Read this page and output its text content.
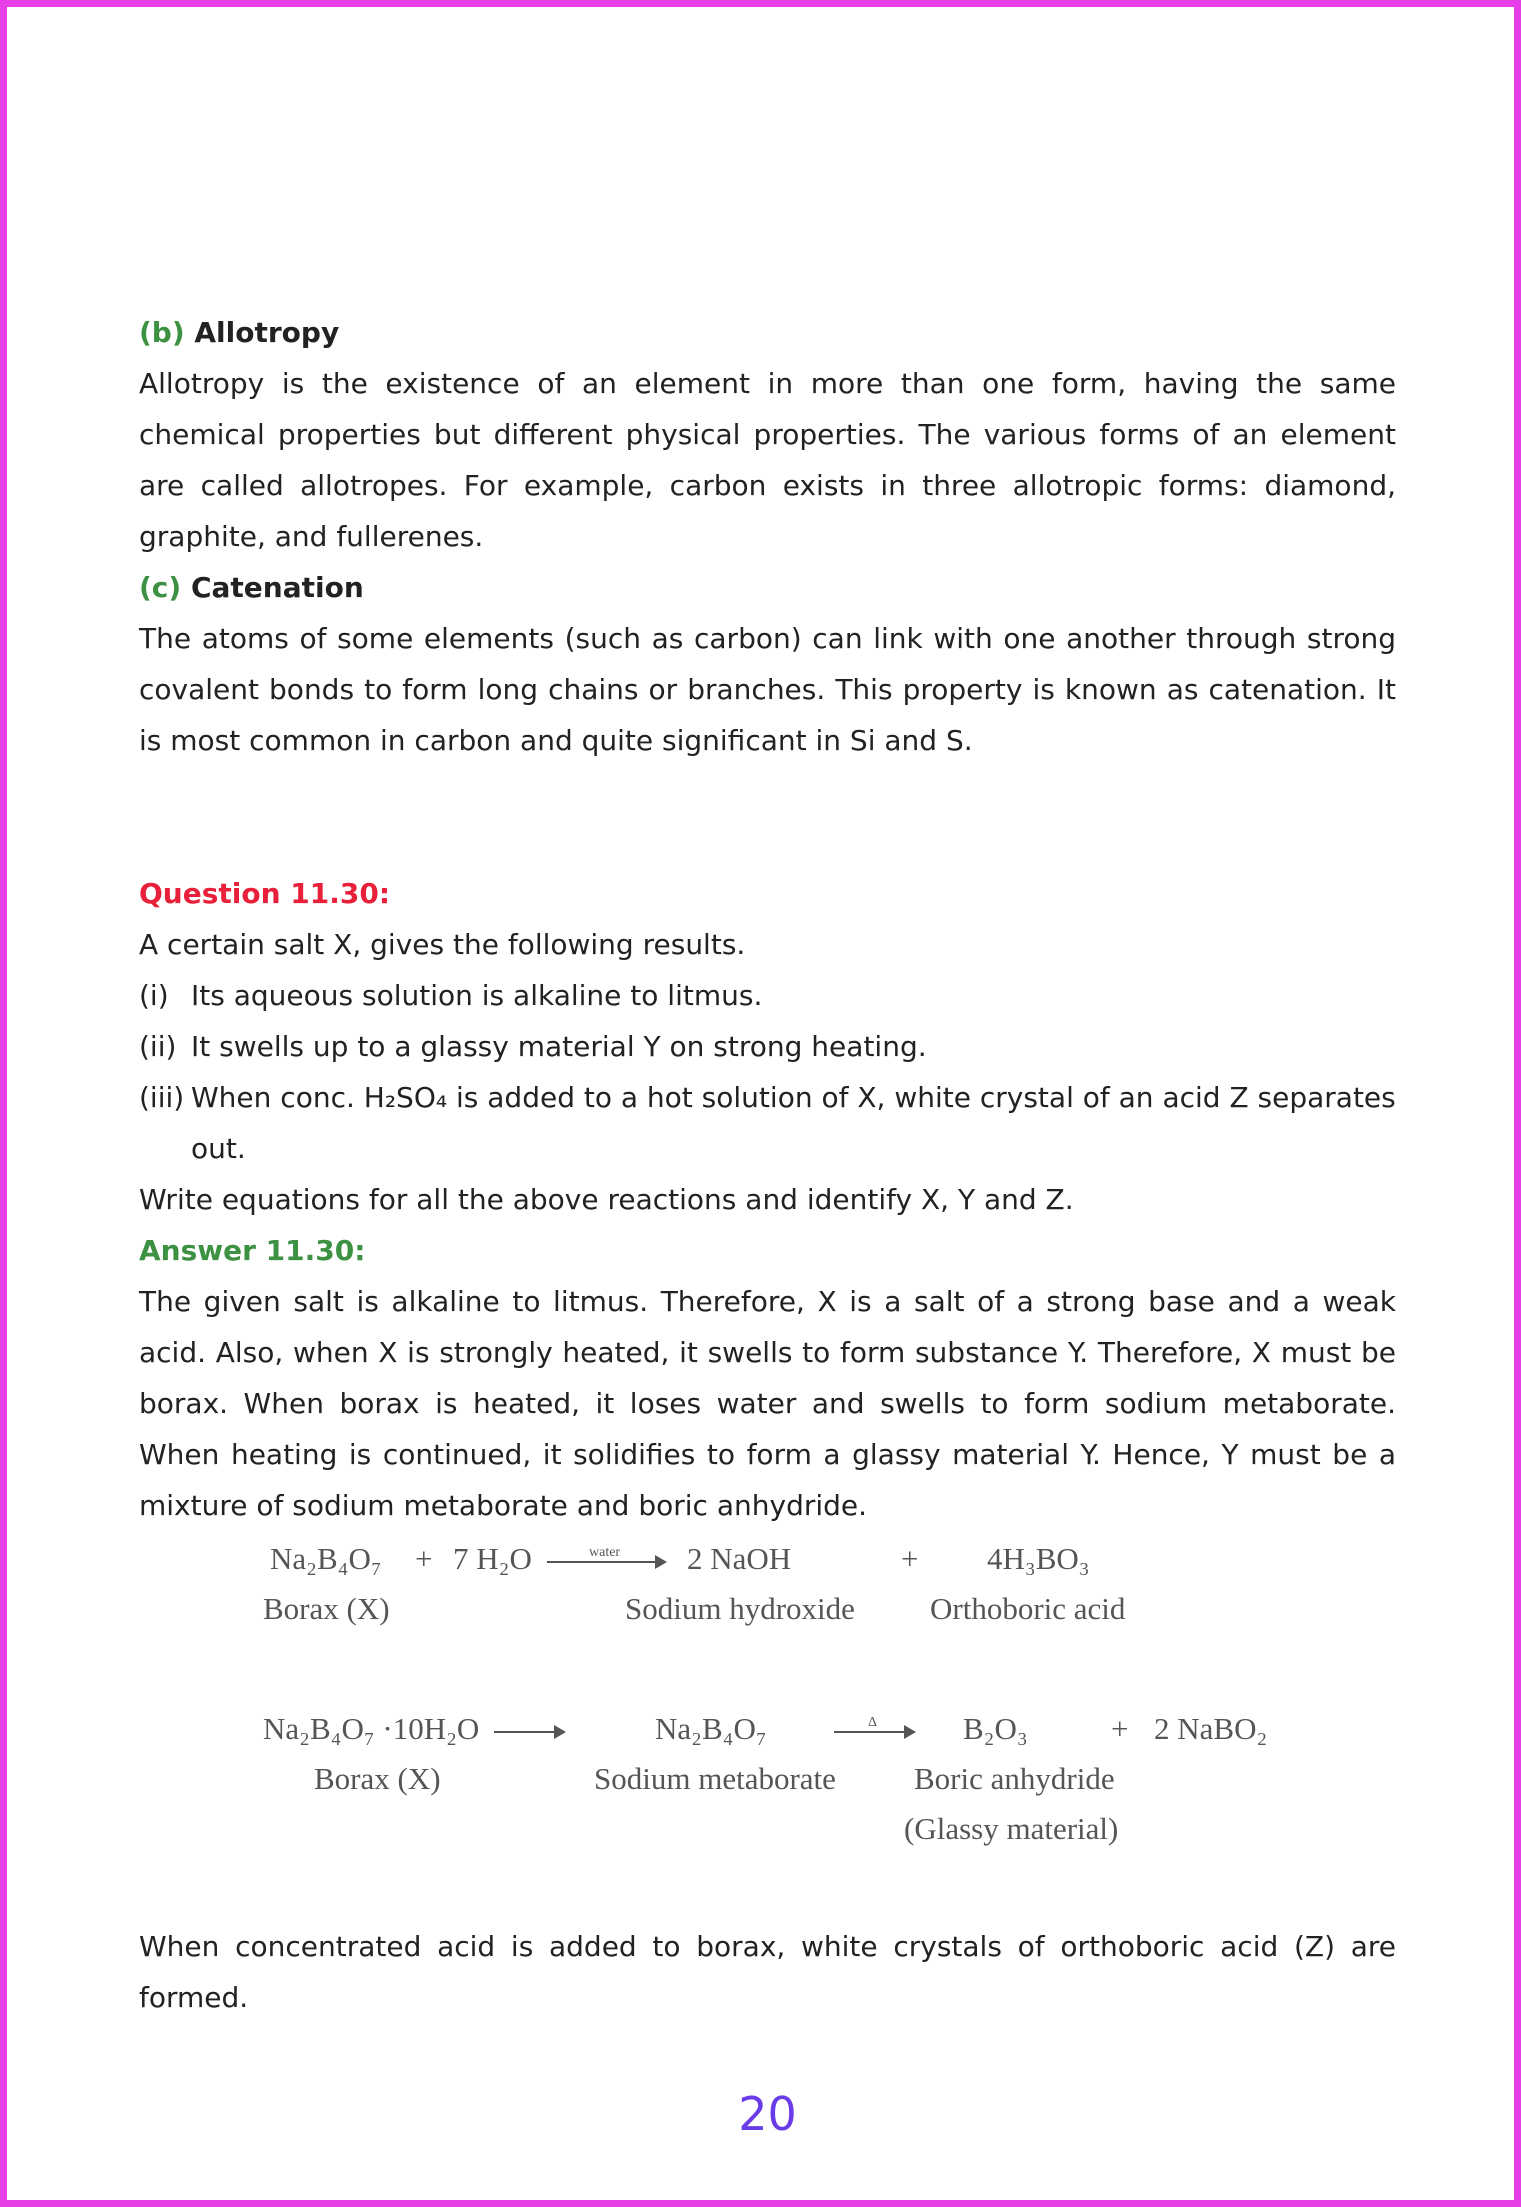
(b) Allotropy

Allotropy is the existence of an element in more than one form, having the same chemical properties but different physical properties. The various forms of an element are called allotropes. For example, carbon exists in three allotropic forms: diamond, graphite, and fullerenes.

(c) Catenation

The atoms of some elements (such as carbon) can link with one another through strong covalent bonds to form long chains or branches. This property is known as catenation. It is most common in carbon and quite significant in Si and S.

Question 11.30:

A certain salt X, gives the following results.

(i) Its aqueous solution is alkaline to litmus.
(ii) It swells up to a glassy material Y on strong heating.
(iii) When conc. H₂SO₄ is added to a hot solution of X, white crystal of an acid Z separates
out.

Write equations for all the above reactions and identify X, Y and Z.

Answer 11.30:

The given salt is alkaline to litmus. Therefore, X is a salt of a strong base and a weak acid. Also, when X is strongly heated, it swells to form substance Y. Therefore, X must be borax. When borax is heated, it loses water and swells to form sodium metaborate. When heating is continued, it solidifies to form a glassy material Y. Hence, Y must be a mixture of sodium metaborate and boric anhydride.

Na₂B₄O₇ + 7 H₂O	water 2 NaOH	+ 4H₃BO₃
Borax (X)	Sodium hydroxide Orthoboric acid
Na₂B₄O₇ ·10H₂O	Na₂B₄O₇	Δ	B₂O₃	+ 2 NaBO₂
Borax (X)	Sodium metaborate	Boric anhydride
(Glassy material)

When concentrated acid is added to borax, white crystals of orthoboric acid (Z) are formed.

20
